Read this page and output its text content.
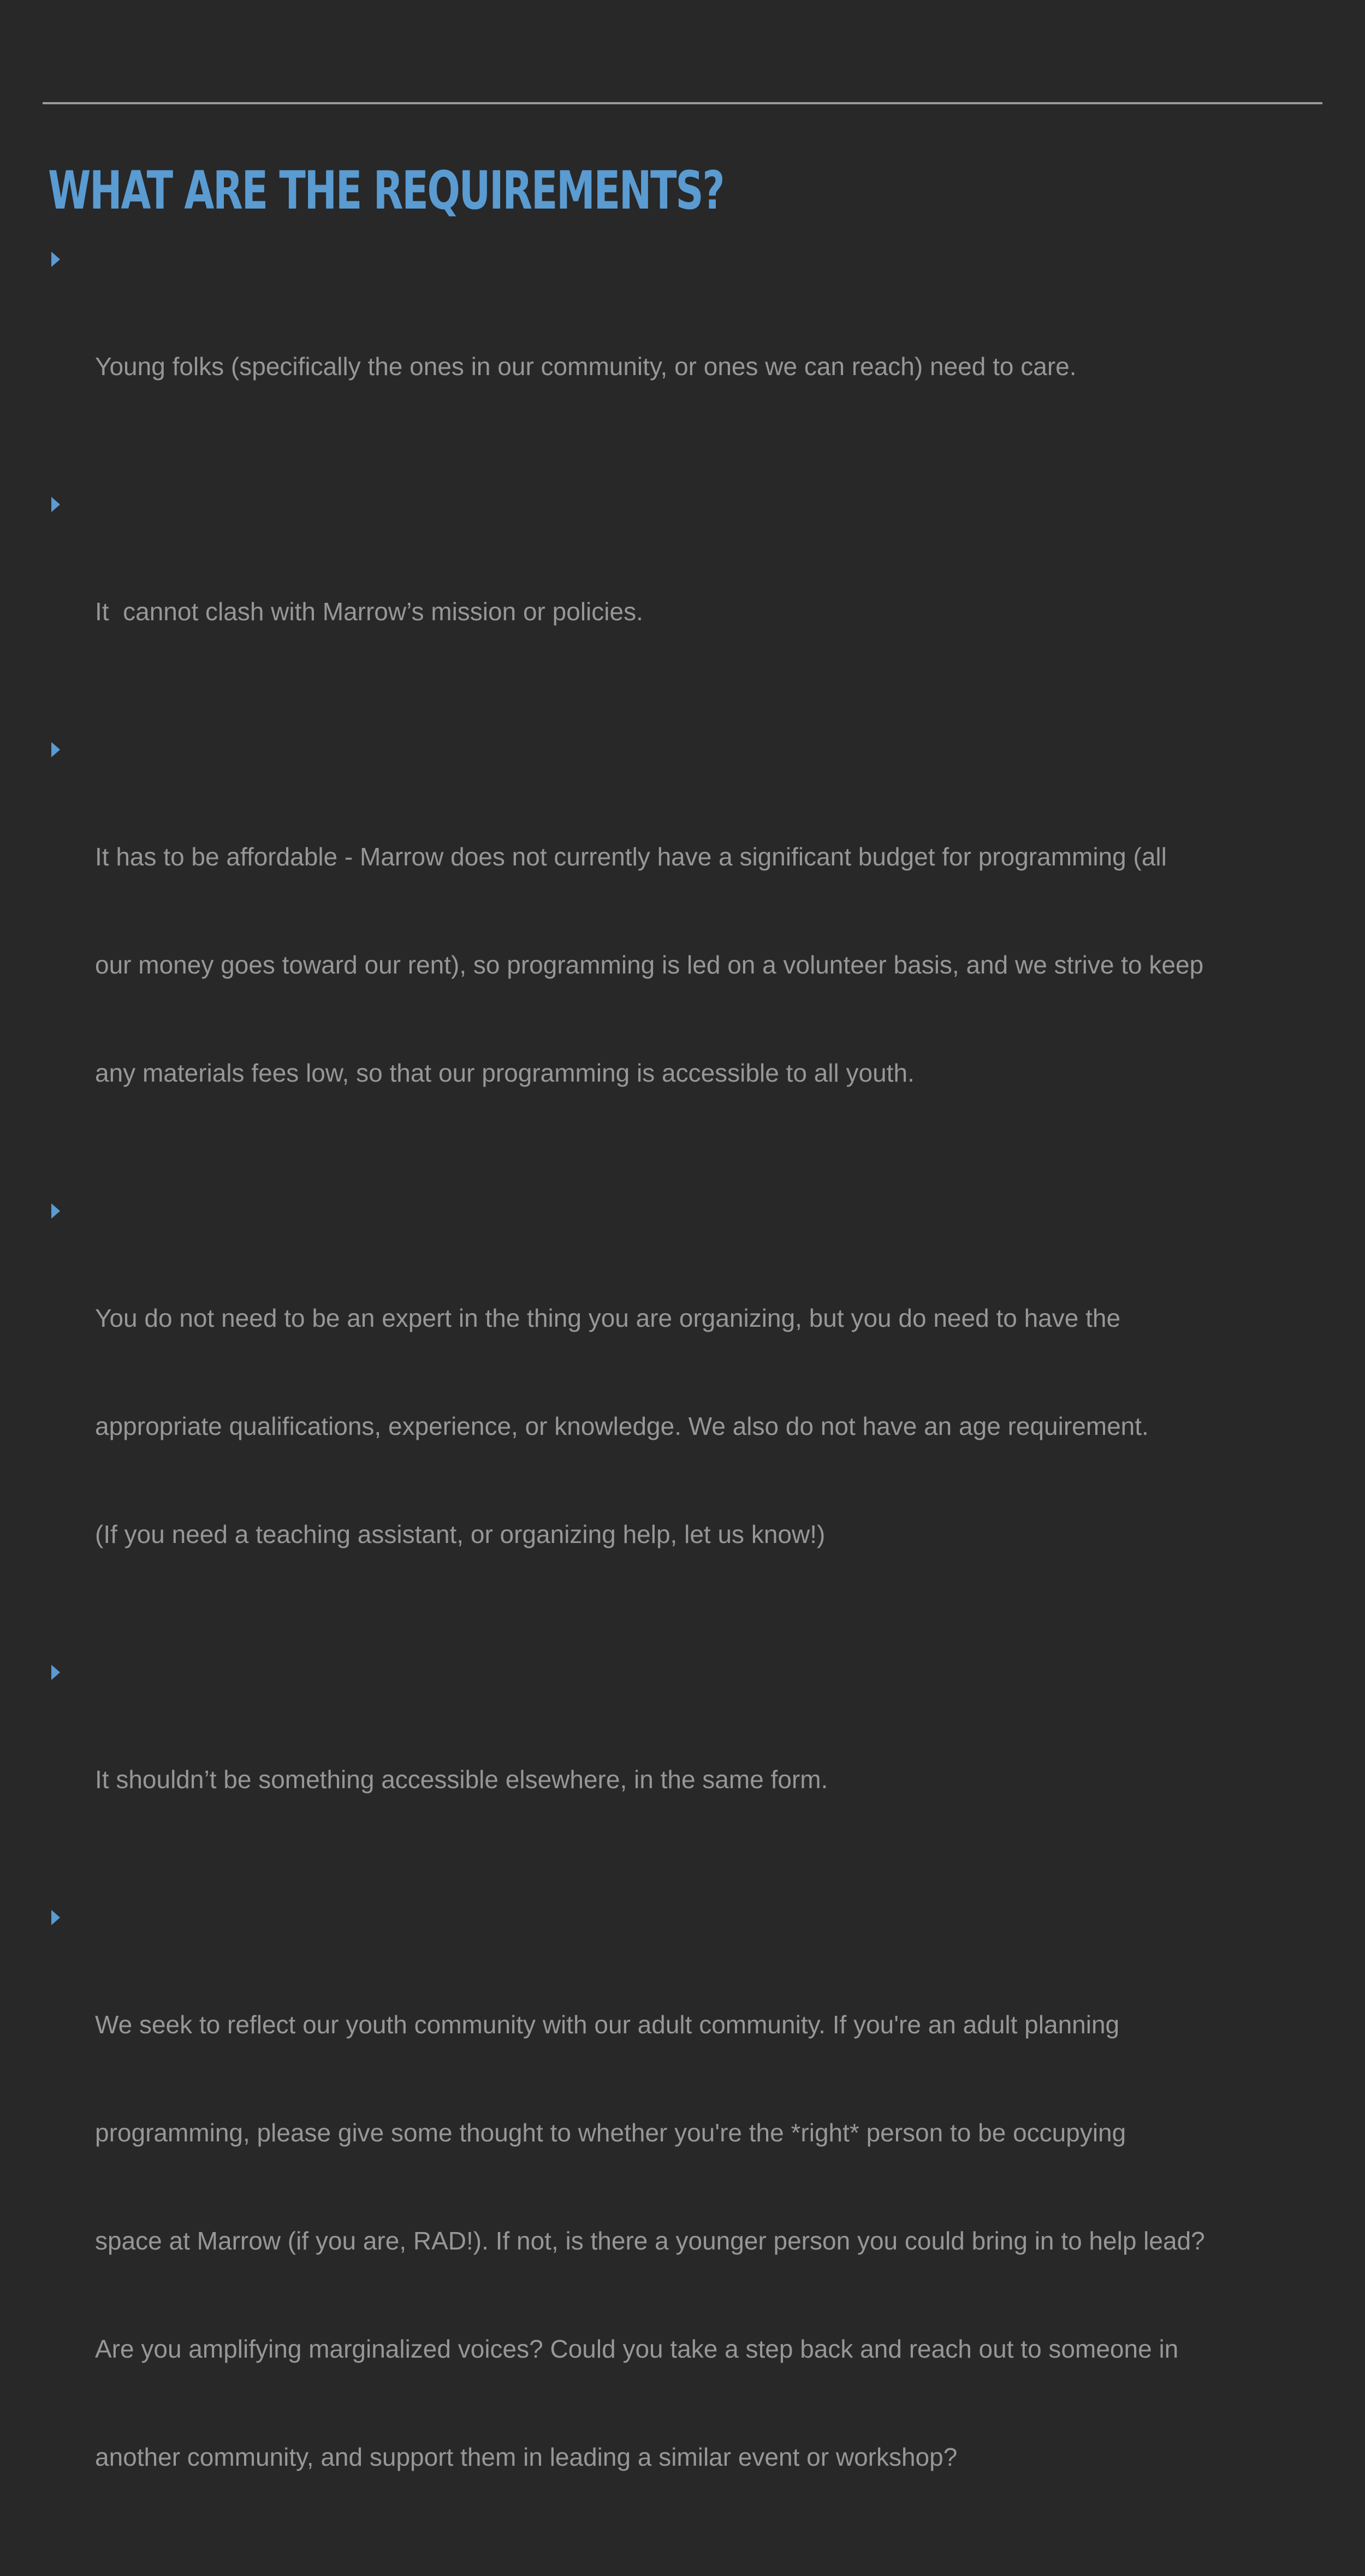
WHAT ARE THE REQUIREMENTS?

Young folks (specifically the ones in our community, or ones we can reach) need to care.

It  cannot clash with Marrow’s mission or policies.

It has to be affordable - Marrow does not currently have a significant budget for programming (all

our money goes toward our rent), so programming is led on a volunteer basis, and we strive to keep

any materials fees low, so that our programming is accessible to all youth.

You do not need to be an expert in the thing you are organizing, but you do need to have the

appropriate qualifications, experience, or knowledge. We also do not have an age requirement.

(If you need a teaching assistant, or organizing help, let us know!)

It shouldn’t be something accessible elsewhere, in the same form.

We seek to reflect our youth community with our adult community. If you're an adult planning

programming, please give some thought to whether you're the *right* person to be occupying

space at Marrow (if you are, RAD!). If not, is there a younger person you could bring in to help lead?

Are you amplifying marginalized voices? Could you take a step back and reach out to someone in

another community, and support them in leading a similar event or workshop?
